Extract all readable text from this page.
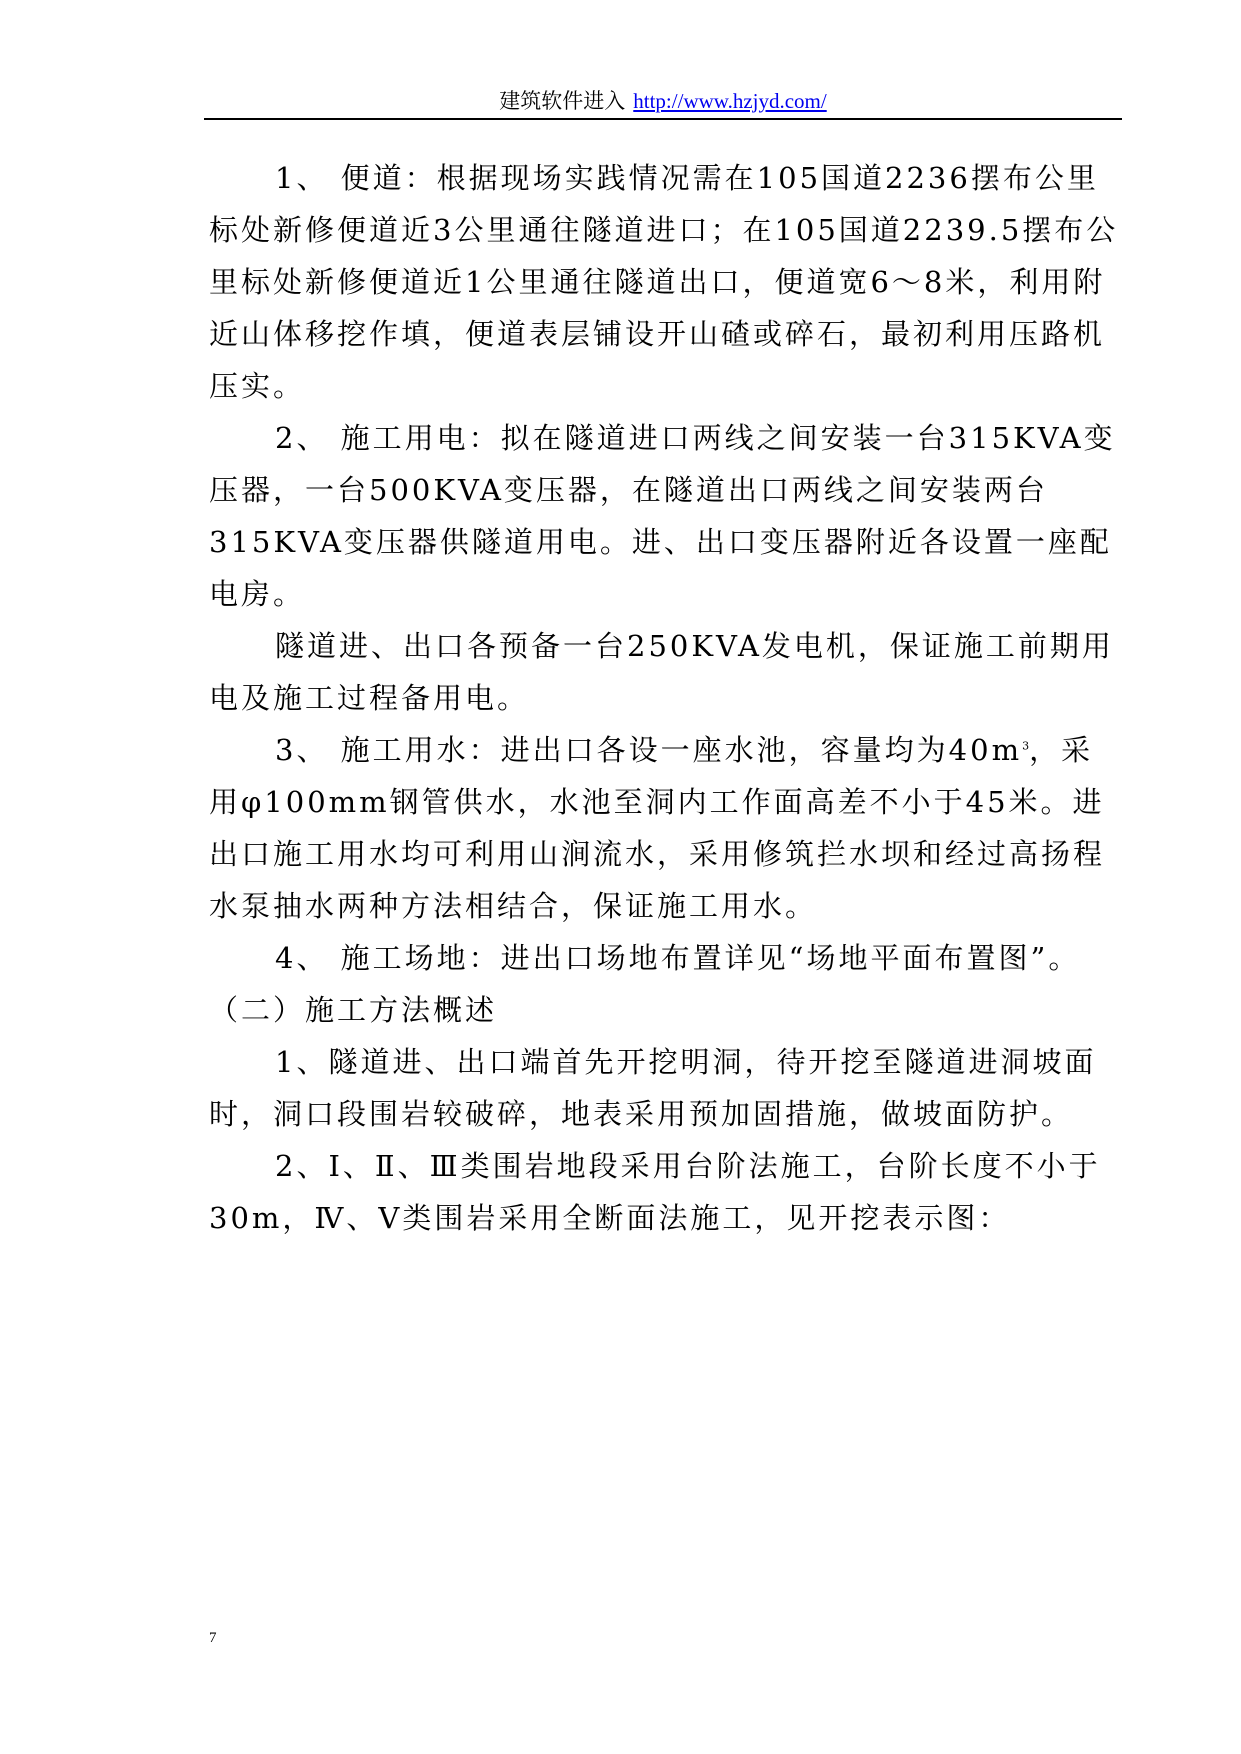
建筑软件进入 http://www.hzjyd.com/

1、 便道：根据现场实践情况需在105国道2236摆布公里标处新修便道近3公里通往隧道进口；在105国道2239.5摆布公里标处新修便道近1公里通往隧道出口，便道宽6～8米，利用附近山体移挖作填，便道表层铺设开山碴或碎石，最初利用压路机压实。

2、 施工用电：拟在隧道进口两线之间安装一台315KVA变压器，一台500KVA变压器，在隧道出口两线之间安装两台315KVA变压器供隧道用电。进、出口变压器附近各设置一座配电房。

隧道进、出口各预备一台250KVA发电机，保证施工前期用电及施工过程备用电。

3、 施工用水：进出口各设一座水池，容量均为$40m^3$，采用φ100mm钢管供水，水池至洞内工作面高差不小于45米。进出口施工用水均可利用山涧流水，采用修筑拦水坝和经过高扬程水泵抽水两种方法相结合，保证施工用水。

4、 施工场地：进出口场地布置详见“场地平面布置图”。

（二）施工方法概述

1、隧道进、出口端首先开挖明洞，待开挖至隧道进洞坡面时，洞口段围岩较破碎，地表采用预加固措施，做坡面防护。

2、Ⅰ、Ⅱ、Ⅲ类围岩地段采用台阶法施工，台阶长度不小于30m，Ⅳ、Ⅴ类围岩采用全断面法施工，见开挖表示图：

7
